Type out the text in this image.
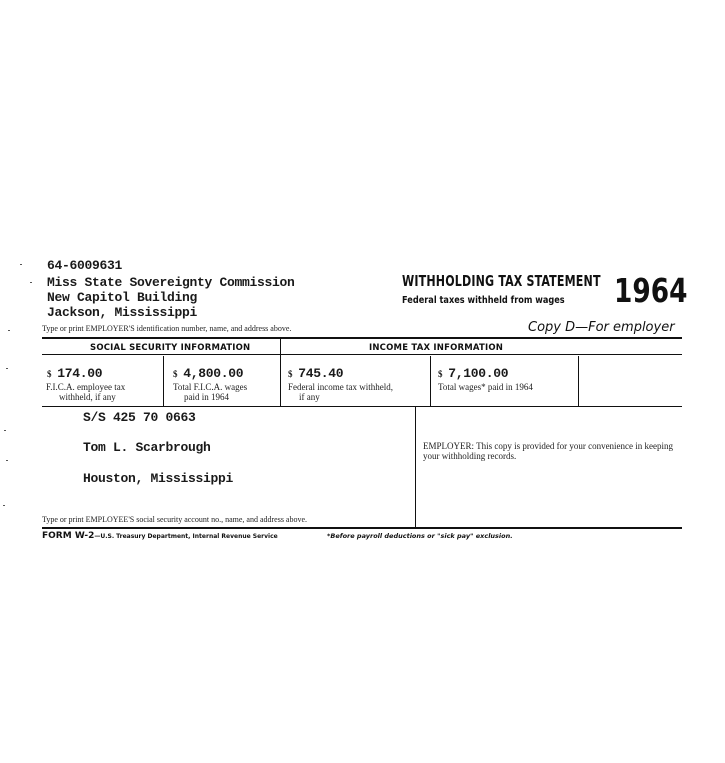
64-6009631
Miss State Sovereignty Commission
New Capitol Building
Jackson, Mississippi
Type or print EMPLOYER'S identification number, name, and address above.
WITHHOLDING TAX STATEMENT
Federal taxes withheld from wages 1964
Copy D—For employer
SOCIAL SECURITY INFORMATION	INCOME TAX INFORMATION
$ 174.00
F.I.C.A. employee tax
withheld, if any
$ 4,800.00
Total F.I.C.A. wages
paid in 1964
$ 745.40
Federal income tax withheld,
if any
$ 7,100.00
Total wages* paid in 1964
S/S 425 70 0663
Tom L. Scarbrough
Houston, Mississippi
EMPLOYER: This copy is provided for your convenience in keeping your withholding records.
Type or print EMPLOYEE'S social security account no., name, and address above.
FORM W-2—U.S. Treasury Department, Internal Revenue Service	*Before payroll deductions or "sick pay" exclusion.
